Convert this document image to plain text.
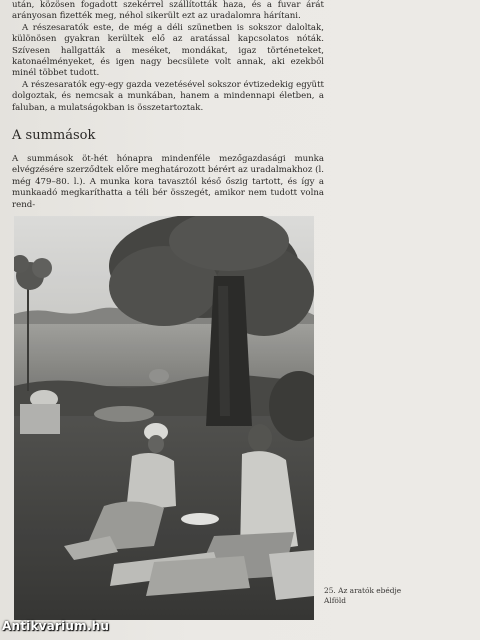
után, közösen fogadott szekérrel szállították haza, és a fuvar árát arányosan fizették meg, néhol sikerült ezt az uradalomra hárítani.

A részesaratók este, de még a déli szünetben is sokszor daloltak, különösen gyakran kerültek elő az aratással kapcsolatos nóták. Szívesen hallgatták a meséket, mondákat, igaz történeteket, katonaélményeket, és igen nagy becsülete volt annak, aki ezekből minél többet tudott.

A részesaratók egy-egy gazda vezetésével sokszor évtizedekig együtt dolgoztak, és nemcsak a munkában, hanem a mindennapi életben, a faluban, a mulatságokban is összetartoztak.

A summások

A summások öt-hét hónapra mindenféle mezőgazdasági munka elvégzésére szerződtek előre meghatározott bérért az uradalmakhoz (l. még 479–80. l.). A munka kora tavasztól késő őszig tartott, és így a munkaadó megkaríthatta a téli bér összegét, amikor nem tudott volna rend-

25. Az aratók ebédje

Alföld

Antikvarium.hu
